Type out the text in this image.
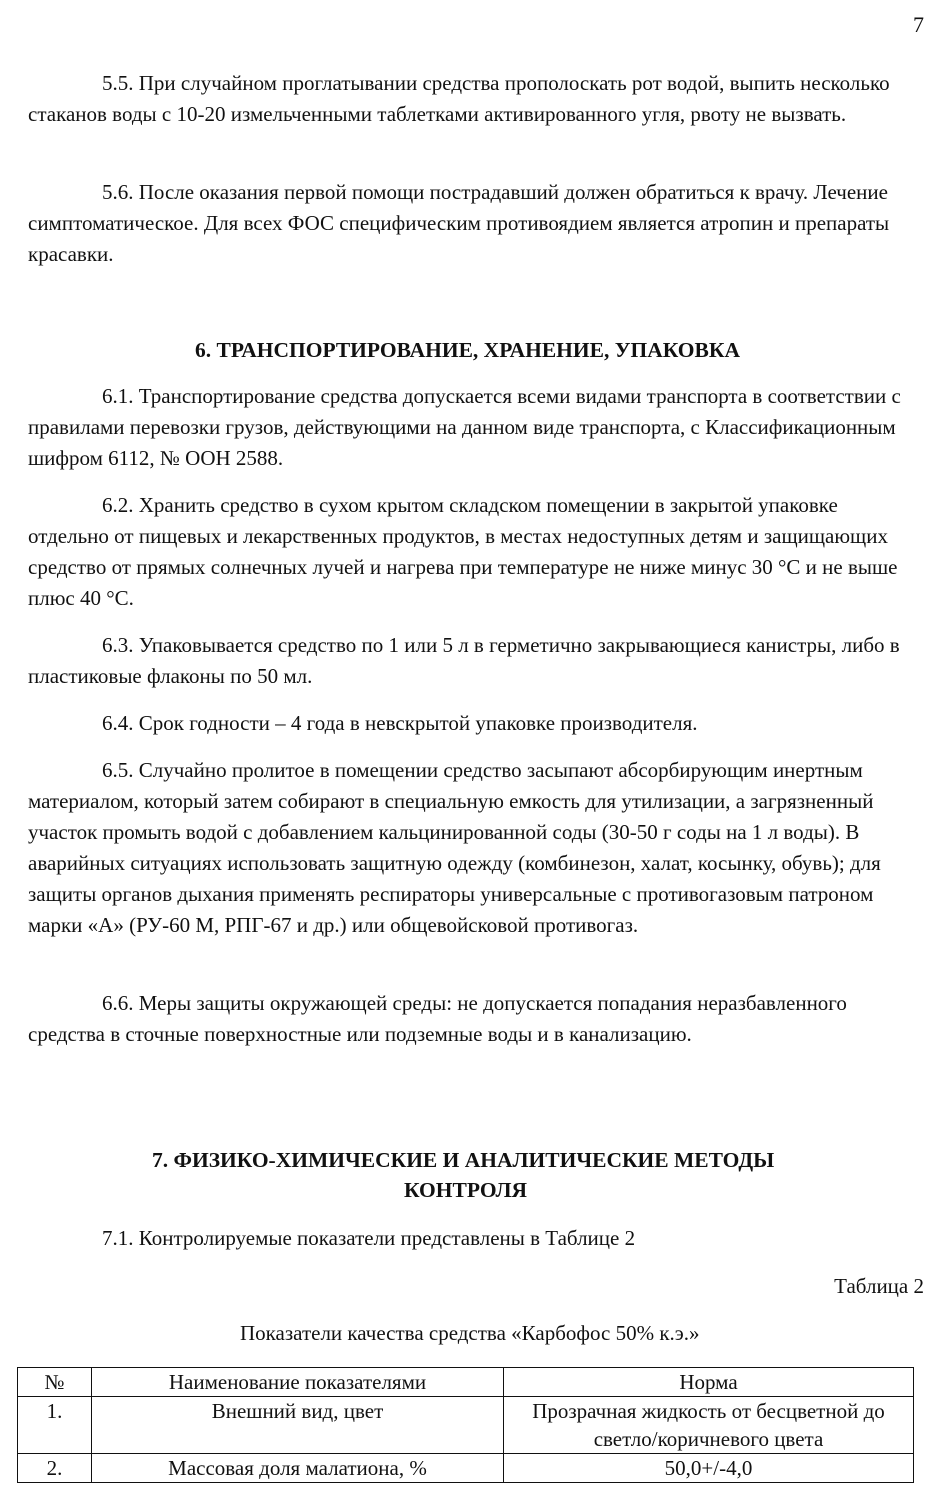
7

5.5. При случайном проглатывании средства прополоскать рот водой, выпить несколько стаканов воды с 10-20 измельченными таблетками активированного угля, рвоту не вызвать.

5.6. После оказания первой помощи пострадавший должен обратиться к врачу. Лечение симптоматическое. Для всех ФОС специфическим противоядием является атропин и препараты красавки.

6. ТРАНСПОРТИРОВАНИЕ, ХРАНЕНИЕ, УПАКОВКА

6.1. Транспортирование средства допускается всеми видами транспорта в соответствии с правилами перевозки грузов, действующими на данном виде транспорта, с Классификационным шифром 6112, № ООН 2588.

6.2. Хранить средство в сухом крытом складском помещении в закрытой упаковке отдельно от пищевых и лекарственных продуктов, в местах недоступных детям и защищающих средство от прямых солнечных лучей и нагрева при температуре не ниже минус 30 °С и не выше плюс 40 °С.

6.3. Упаковывается средство по 1 или 5 л в герметично закрывающиеся канистры, либо в пластиковые флаконы по 50 мл.

6.4. Срок годности – 4 года в невскрытой упаковке производителя.

6.5. Случайно пролитое в помещении средство засыпают абсорбирующим инертным материалом, который затем собирают в специальную емкость для утилизации, а загрязненный участок промыть водой с добавлением кальцинированной соды (30-50 г соды на 1 л воды). В аварийных ситуациях использовать защитную одежду (комбинезон, халат, косынку, обувь); для защиты органов дыхания применять респираторы универсальные с противогазовым патроном марки «А» (РУ-60 М, РПГ-67 и др.) или общевойсковой противогаз.

6.6. Меры защиты окружающей среды: не допускается попадания неразбавленного средства в сточные поверхностные или подземные воды и в канализацию.

7. ФИЗИКО-ХИМИЧЕСКИЕ И АНАЛИТИЧЕСКИЕ МЕТОДЫ
КОНТРОЛЯ

7.1. Контролируемые показатели представлены в Таблице 2

Таблица 2
Показатели качества средства «Карбофос 50% к.э.»
№	Наименование показателями	Норма
1.	Внешний вид, цвет	Прозрачная жидкость от бесцветной до светло/коричневого цвета
2.	Массовая доля малатиона, %	50,0+/-4,0
